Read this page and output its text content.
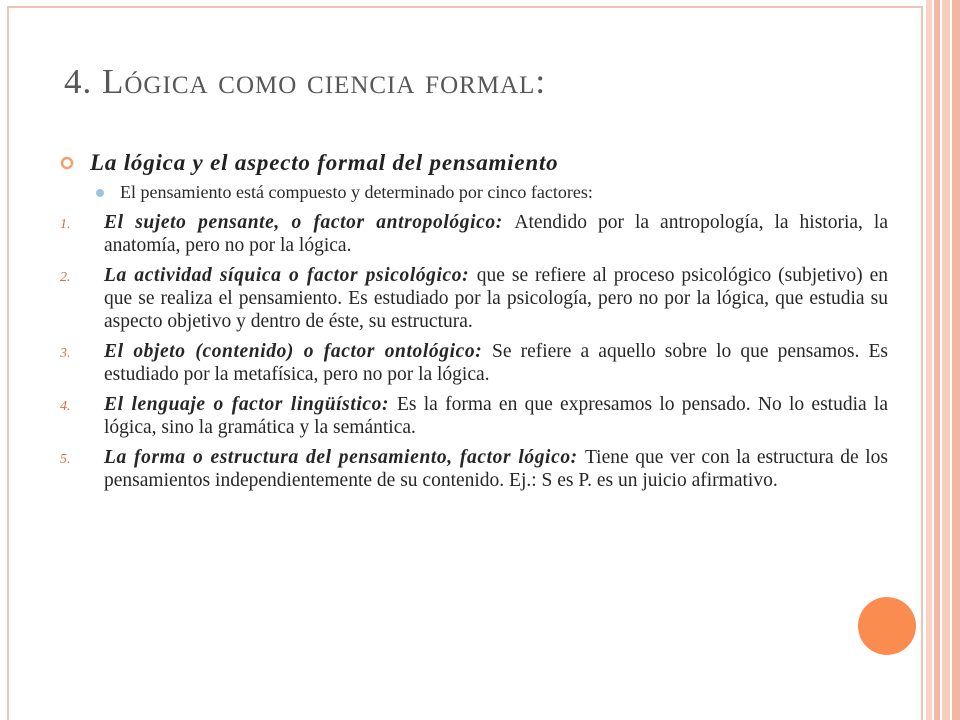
4. Lógica como ciencia formal:
La lógica y el aspecto formal del pensamiento
El pensamiento está compuesto y determinado por cinco factores:
1. El sujeto pensante, o factor antropológico: Atendido por la antropología, la historia, la anatomía, pero no por la lógica.
2. La actividad síquica o factor psicológico: que se refiere al proceso psicológico (subjetivo) en que se realiza el pensamiento. Es estudiado por la psicología, pero no por la lógica, que estudia su aspecto objetivo y dentro de éste, su estructura.
3. El objeto (contenido) o factor ontológico: Se refiere a aquello sobre lo que pensamos. Es estudiado por la metafísica, pero no por la lógica.
4. El lenguaje o factor lingüístico: Es la forma en que expresamos lo pensado. No lo estudia la lógica, sino la gramática y la semántica.
5. La forma o estructura del pensamiento, factor lógico: Tiene que ver con la estructura de los pensamientos independientemente de su contenido. Ej.: S es P. es un juicio afirmativo.
